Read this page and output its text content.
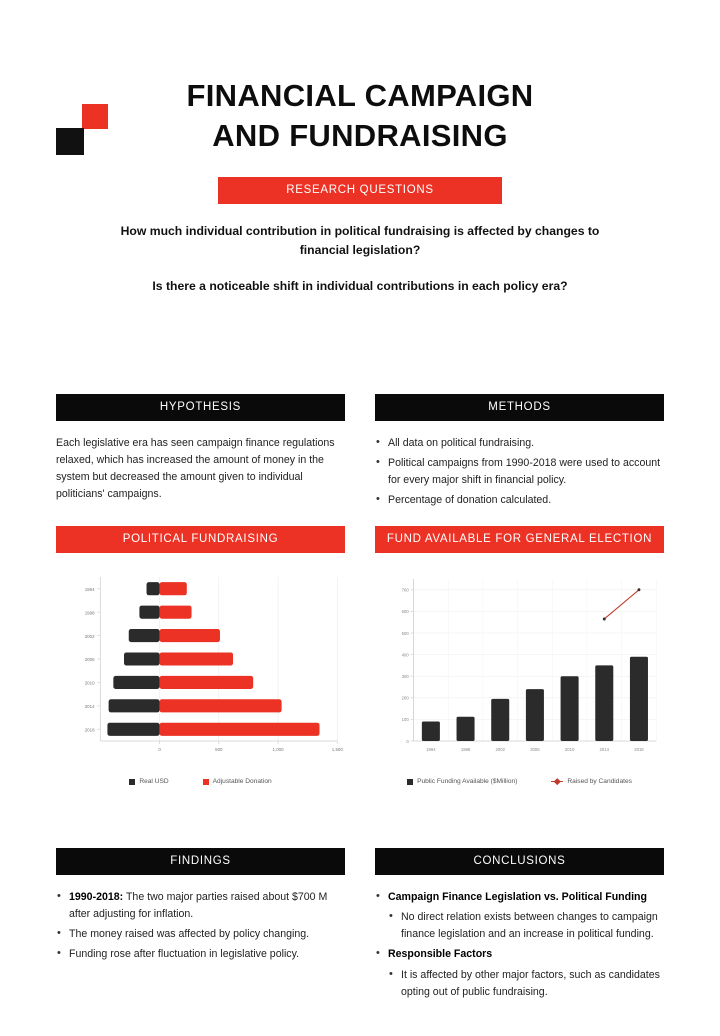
FINANCIAL CAMPAIGN
AND FUNDRAISING
RESEARCH QUESTIONS

How much individual contribution in political fundraising is affected by changes to financial legislation?

Is there a noticeable shift in individual contributions in each policy era?

HYPOTHESIS

Each legislative era has seen campaign finance regulations relaxed, which has increased the amount of money in the system but decreased the amount given to individual politicians' campaigns.

METHODS
• All data on political fundraising.
• Political campaigns from 1990-2018 were used to account for every major shift in financial policy.
• Percentage of donation calculated.
POLITICAL FUNDRAISING
1994
1998
2002
2006
2010
2014
2018
0	500	1,000	1,500
Real USD	Adjustable Donation
FUND AVAILABLE FOR GENERAL ELECTION
0
100
200
300
400
500
600
700
1994	1998	2002	2006	2010	2014	2018
Public Funding Available ($Million)	Raised by Candidates
FINDINGS
• 1990-2018: The two major parties raised about $700 M after adjusting for inflation.
• The money raised was affected by policy changing.
• Funding rose after fluctuation in legislative policy.
CONCLUSIONS
• Campaign Finance Legislation vs. Political Funding
• No direct relation exists between changes to campaign finance legislation and an increase in political funding.
• Responsible Factors
• It is affected by other major factors, such as candidates opting out of public fundraising.
